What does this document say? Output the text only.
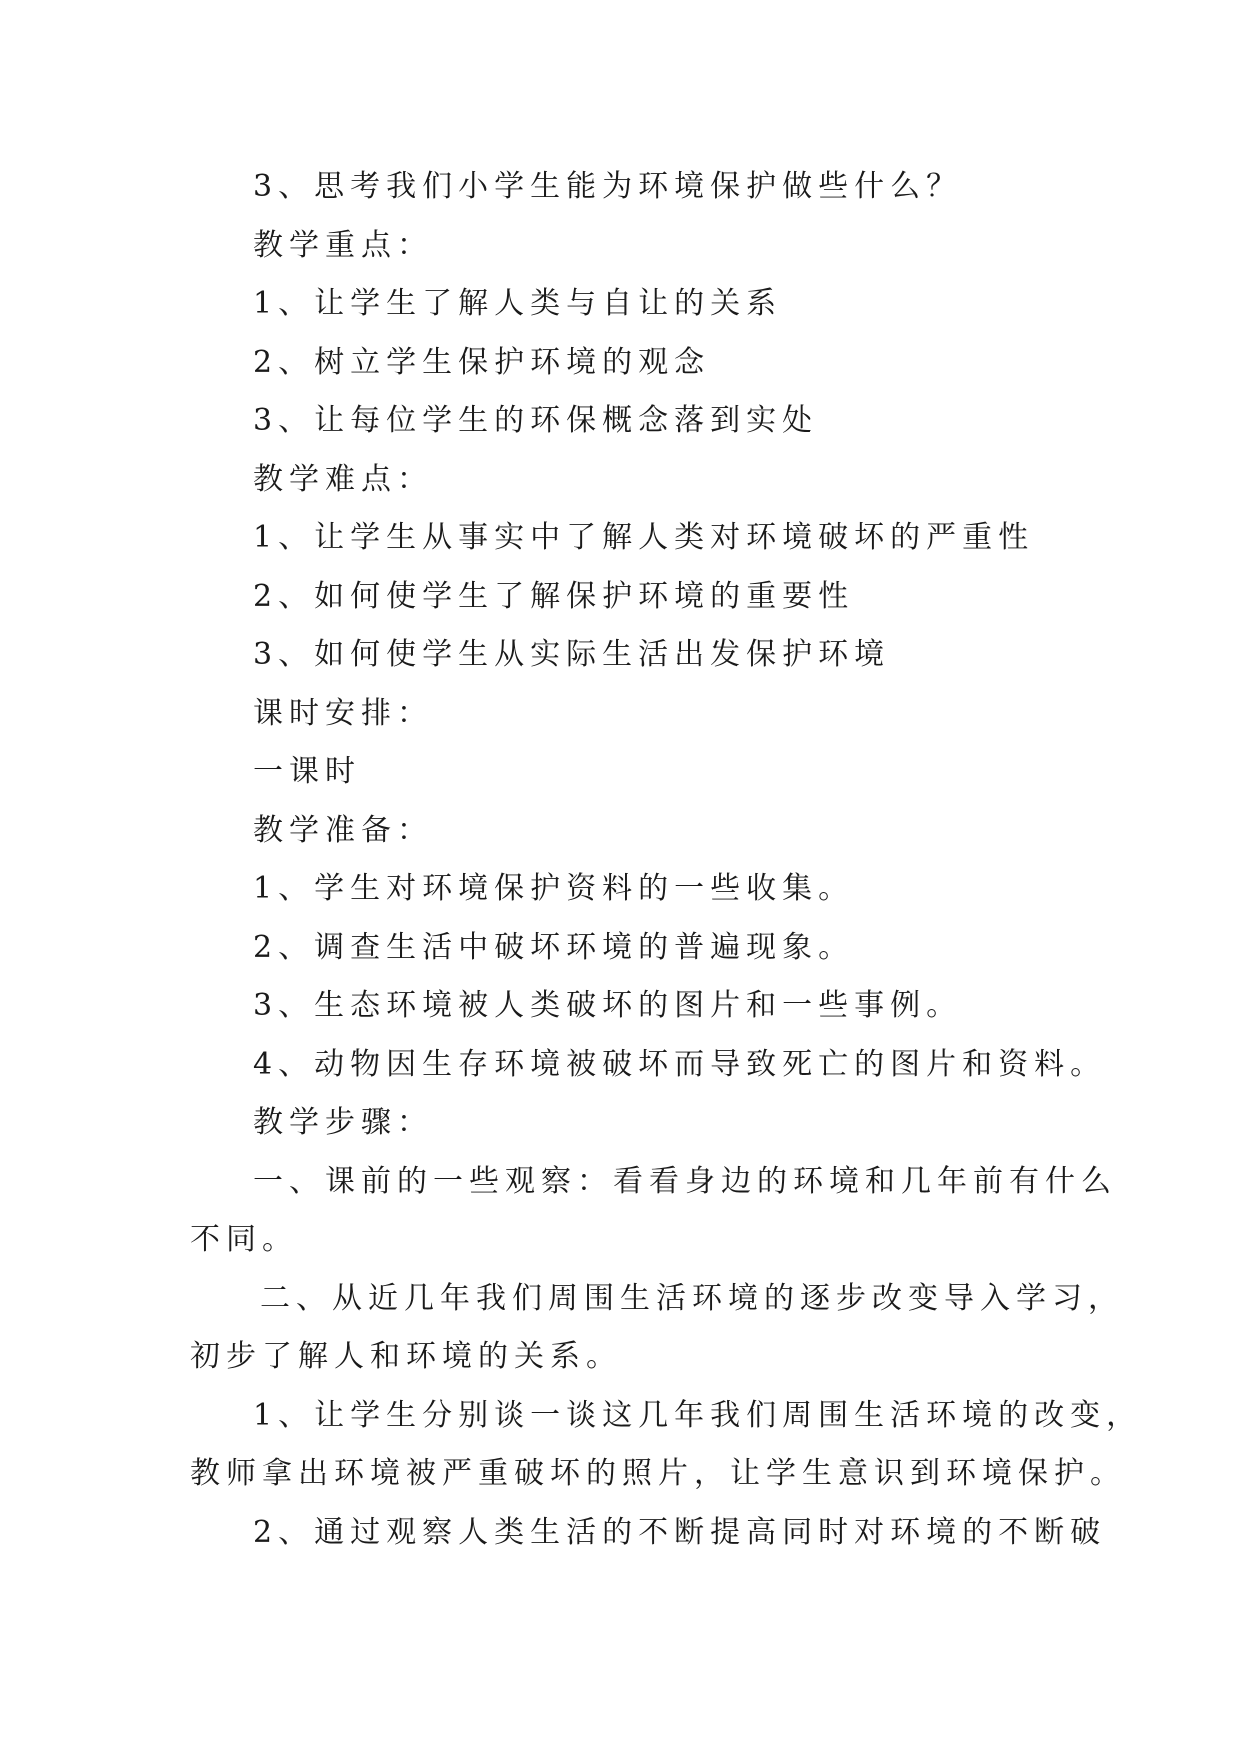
3、思考我们小学生能为环境保护做些什么？
教学重点：
1、让学生了解人类与自让的关系
2、树立学生保护环境的观念
3、让每位学生的环保概念落到实处
教学难点：
1、让学生从事实中了解人类对环境破坏的严重性
2、如何使学生了解保护环境的重要性
3、如何使学生从实际生活出发保护环境
课时安排：
一课时
教学准备：
1、学生对环境保护资料的一些收集。
2、调查生活中破坏环境的普遍现象。
3、生态环境被人类破坏的图片和一些事例。
4、动物因生存环境被破坏而导致死亡的图片和资料。
教学步骤：
一、课前的一些观察：看看身边的环境和几年前有什么
不同。
二、从近几年我们周围生活环境的逐步改变导入学习，
初步了解人和环境的关系。
1、让学生分别谈一谈这几年我们周围生活环境的改变，
教师拿出环境被严重破坏的照片，让学生意识到环境保护。
2、通过观察人类生活的不断提高同时对环境的不断破
